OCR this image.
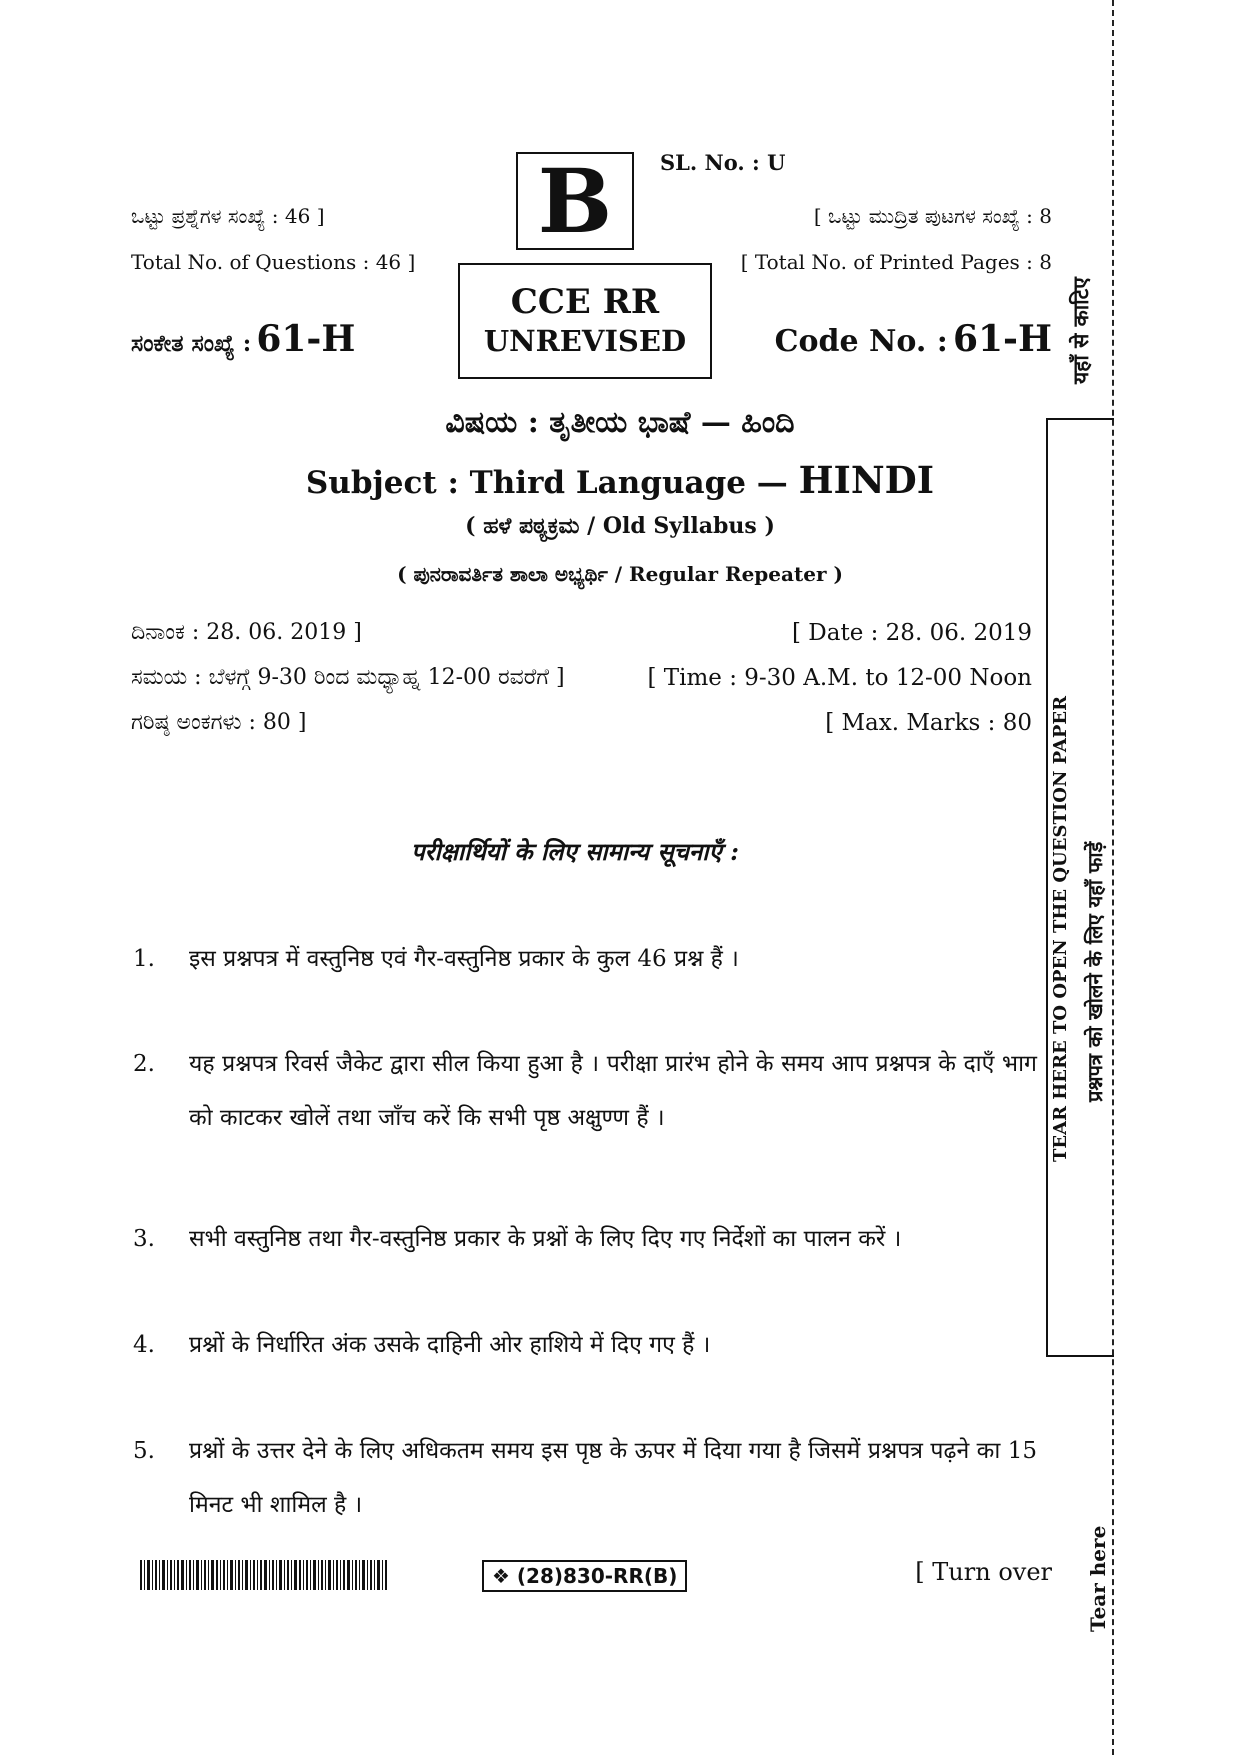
SL. No. : U
B
CCE RR
UNREVISED
ಒಟ್ಟು ಪ್ರಶ್ನೆಗಳ ಸಂಖ್ಯೆ : 46 ]
Total No. of Questions : 46 ]
[ ಒಟ್ಟು ಮುದ್ರಿತ ಪುಟಗಳ ಸಂಖ್ಯೆ : 8
[ Total No. of Printed Pages : 8
ಸಂಕೇತ ಸಂಖ್ಯೆ : 61-H	Code No. : 61-H
ವಿಷಯ : ತೃತೀಯ ಭಾಷೆ — ಹಿಂದಿ
Subject : Third Language — HINDI
( ಹಳೆ ಪಠ್ಯಕ್ರಮ / Old Syllabus )
( ಪುನರಾವರ್ತಿತ ಶಾಲಾ ಅಭ್ಯರ್ಥಿ / Regular Repeater )
ದಿನಾಂಕ : 28. 06. 2019 ]	[ Date : 28. 06. 2019
ಸಮಯ : ಬೆಳಗ್ಗೆ 9-30 ರಿಂದ ಮಧ್ಯಾಹ್ನ 12-00 ರವರೆಗೆ ]	[ Time : 9-30 A.M. to 12-00 Noon
ಗರಿಷ್ಠ ಅಂಕಗಳು : 80 ]	[ Max. Marks : 80
परीक्षार्थियों के लिए सामान्य सूचनाएँ :
1.	इस प्रश्नपत्र में वस्तुनिष्ठ एवं गैर-वस्तुनिष्ठ प्रकार के कुल 46 प्रश्न हैं ।
2.	यह प्रश्नपत्र रिवर्स जैकेट द्वारा सील किया हुआ है । परीक्षा प्रारंभ होने के समय आप प्रश्नपत्र के दाएँ भाग को काटकर खोलें तथा जाँच करें कि सभी पृष्ठ अक्षुण्ण हैं ।
3.	सभी वस्तुनिष्ठ तथा गैर-वस्तुनिष्ठ प्रकार के प्रश्नों के लिए दिए गए निर्देशों का पालन करें ।
4.	प्रश्नों के निर्धारित अंक उसके दाहिनी ओर हाशिये में दिए गए हैं ।
5.	प्रश्नों के उत्तर देने के लिए अधिकतम समय इस पृष्ठ के ऊपर में दिया गया है जिसमें प्रश्नपत्र पढ़ने का 15 मिनट भी शामिल है ।
❖ (28)830-RR(B)	[ Turn over
यहाँ से काटिए
TEAR HERE TO OPEN THE QUESTION PAPER प्रश्नपत्र को खोलने के लिए यहाँ फाड़ें
Tear here
